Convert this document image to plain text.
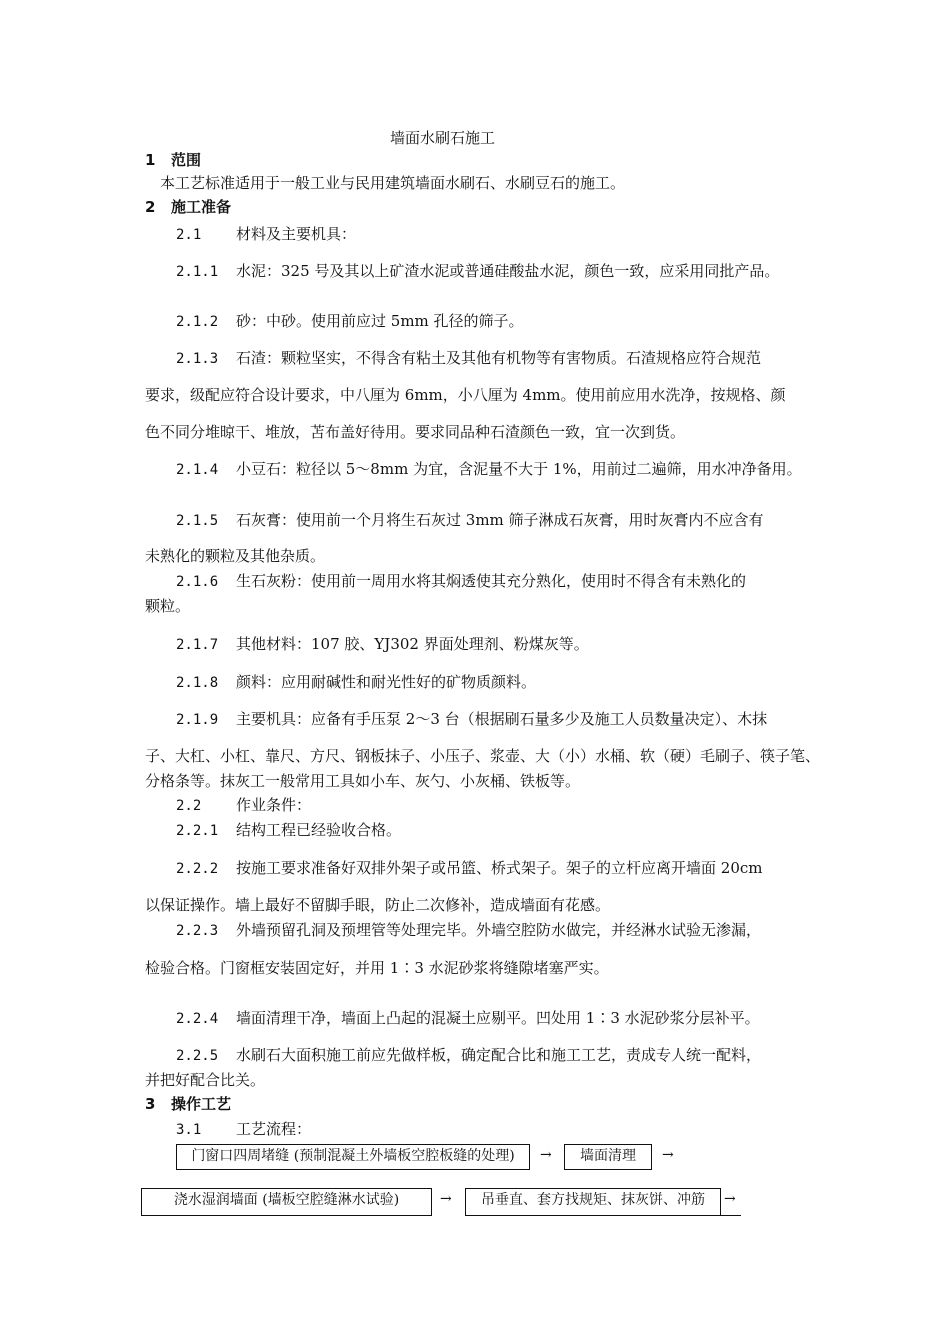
墙面水刷石施工
1 范围
本工艺标准适用于一般工业与民用建筑墙面水刷石、水刷豆石的施工。
2 施工准备
2.1 材料及主要机具：
2.1.1 水泥：325 号及其以上矿渣水泥或普通硅酸盐水泥，颜色一致，应采用同批产品。
2.1.2 砂：中砂。使用前应过 5mm 孔径的筛子。
2.1.3 石渣：颗粒坚实，不得含有粘土及其他有机物等有害物质。石渣规格应符合规范
要求，级配应符合设计要求，中八厘为 6mm，小八厘为 4mm。使用前应用水洗净，按规格、颜
色不同分堆晾干、堆放，苫布盖好待用。要求同品种石渣颜色一致，宜一次到货。
2.1.4 小豆石：粒径以 5～8mm 为宜，含泥量不大于 1%，用前过二遍筛，用水冲净备用。
2.1.5 石灰膏：使用前一个月将生石灰过 3mm 筛子淋成石灰膏，用时灰膏内不应含有
未熟化的颗粒及其他杂质。
2.1.6 生石灰粉：使用前一周用水将其焖透使其充分熟化，使用时不得含有未熟化的
颗粒。
2.1.7 其他材料：107 胶、YJ302 界面处理剂、粉煤灰等。
2.1.8 颜料：应用耐碱性和耐光性好的矿物质颜料。
2.1.9 主要机具：应备有手压泵 2～3 台（根据刷石量多少及施工人员数量决定）、木抹
子、大杠、小杠、靠尺、方尺、钢板抹子、小压子、浆壶、大（小）水桶、软（硬）毛刷子、筷子笔、
分格条等。抹灰工一般常用工具如小车、灰勺、小灰桶、铁板等。
2.2 作业条件：
2.2.1 结构工程已经验收合格。
2.2.2 按施工要求准备好双排外架子或吊篮、桥式架子。架子的立杆应离开墙面 20cm
以保证操作。墙上最好不留脚手眼，防止二次修补，造成墙面有花感。
2.2.3 外墙预留孔洞及预埋管等处理完毕。外墙空腔防水做完，并经淋水试验无渗漏，
检验合格。门窗框安装固定好，并用 1∶3 水泥砂浆将缝隙堵塞严实。
2.2.4 墙面清理干净，墙面上凸起的混凝土应剔平。凹处用 1∶3 水泥砂浆分层补平。
2.2.5 水刷石大面积施工前应先做样板，确定配合比和施工工艺，责成专人统一配料，
并把好配合比关。
3 操作工艺
3.1 工艺流程：
门窗口四周堵缝 (预制混凝土外墙板空腔板缝的处理)	→	墙面清理	→
浇水湿润墙面 (墙板空腔缝淋水试验)	→	吊垂直、套方找规矩、抹灰饼、冲筋	→
